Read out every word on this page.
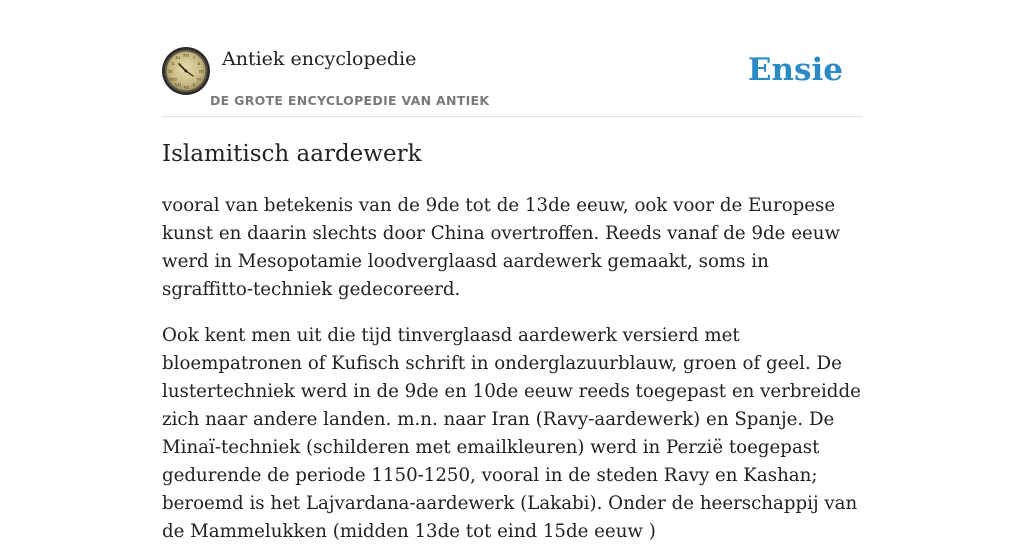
XII
III
VI
IX
I
II
IV
V
VII
VIII
X
XI Antiek encyclopedie
DE GROTE ENCYCLOPEDIE VAN ANTIEK
Ensie
Islamitisch aardewerk

vooral van betekenis van de 9de tot de 13de eeuw, ook voor de Europese kunst en daarin slechts door China overtroffen. Reeds vanaf de 9de eeuw werd in Mesopotamie loodverglaasd aardewerk gemaakt, soms in sgraffitto-techniek gedecoreerd.

Ook kent men uit die tijd tinverglaasd aardewerk versierd met bloempatronen of Kufisch schrift in onderglazuurblauw, groen of geel. De lustertechniek werd in de 9de en 10de eeuw reeds toegepast en verbreidde zich naar andere landen. m.n. naar Iran (Ravy-aardewerk) en Spanje. De Minaï-techniek (schilderen met emailkleuren) werd in Perzië toegepast gedurende de periode 1150-1250, vooral in de steden Ravy en Kashan; beroemd is het Lajvardana-aardewerk (Lakabi). Onder de heerschappij van de Mammelukken (midden 13de tot eind 15de eeuw )
